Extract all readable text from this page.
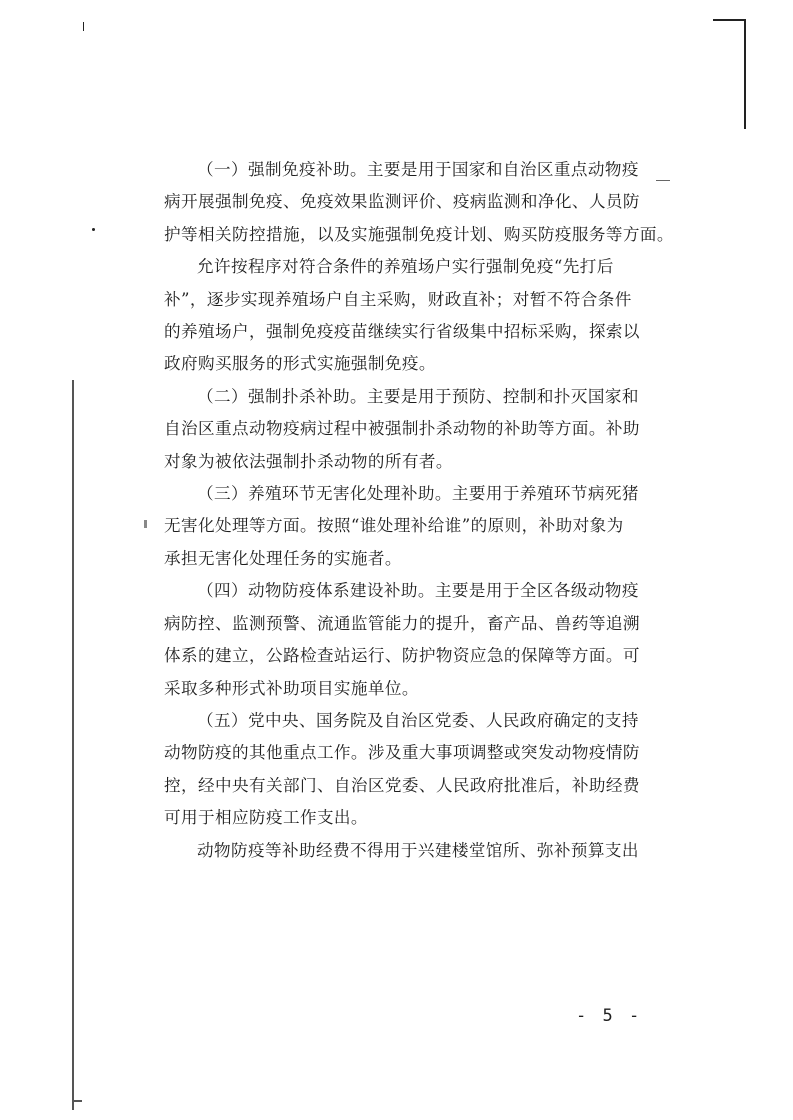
（一）强制免疫补助。主要是用于国家和自治区重点动物疫
病开展强制免疫、免疫效果监测评价、疫病监测和净化、人员防
护等相关防控措施，以及实施强制免疫计划、购买防疫服务等方面。

允许按程序对符合条件的养殖场户实行强制免疫“先打后
补”，逐步实现养殖场户自主采购，财政直补；对暂不符合条件
的养殖场户，强制免疫疫苗继续实行省级集中招标采购，探索以
政府购买服务的形式实施强制免疫。

（二）强制扑杀补助。主要是用于预防、控制和扑灭国家和
自治区重点动物疫病过程中被强制扑杀动物的补助等方面。补助
对象为被依法强制扑杀动物的所有者。

（三）养殖环节无害化处理补助。主要用于养殖环节病死猪
无害化处理等方面。按照“谁处理补给谁”的原则，补助对象为
承担无害化处理任务的实施者。

（四）动物防疫体系建设补助。主要是用于全区各级动物疫
病防控、监测预警、流通监管能力的提升，畜产品、兽药等追溯
体系的建立，公路检查站运行、防护物资应急的保障等方面。可
采取多种形式补助项目实施单位。

（五）党中央、国务院及自治区党委、人民政府确定的支持
动物防疫的其他重点工作。涉及重大事项调整或突发动物疫情防
控，经中央有关部门、自治区党委、人民政府批准后，补助经费
可用于相应防疫工作支出。

动物防疫等补助经费不得用于兴建楼堂馆所、弥补预算支出

- 5 -
